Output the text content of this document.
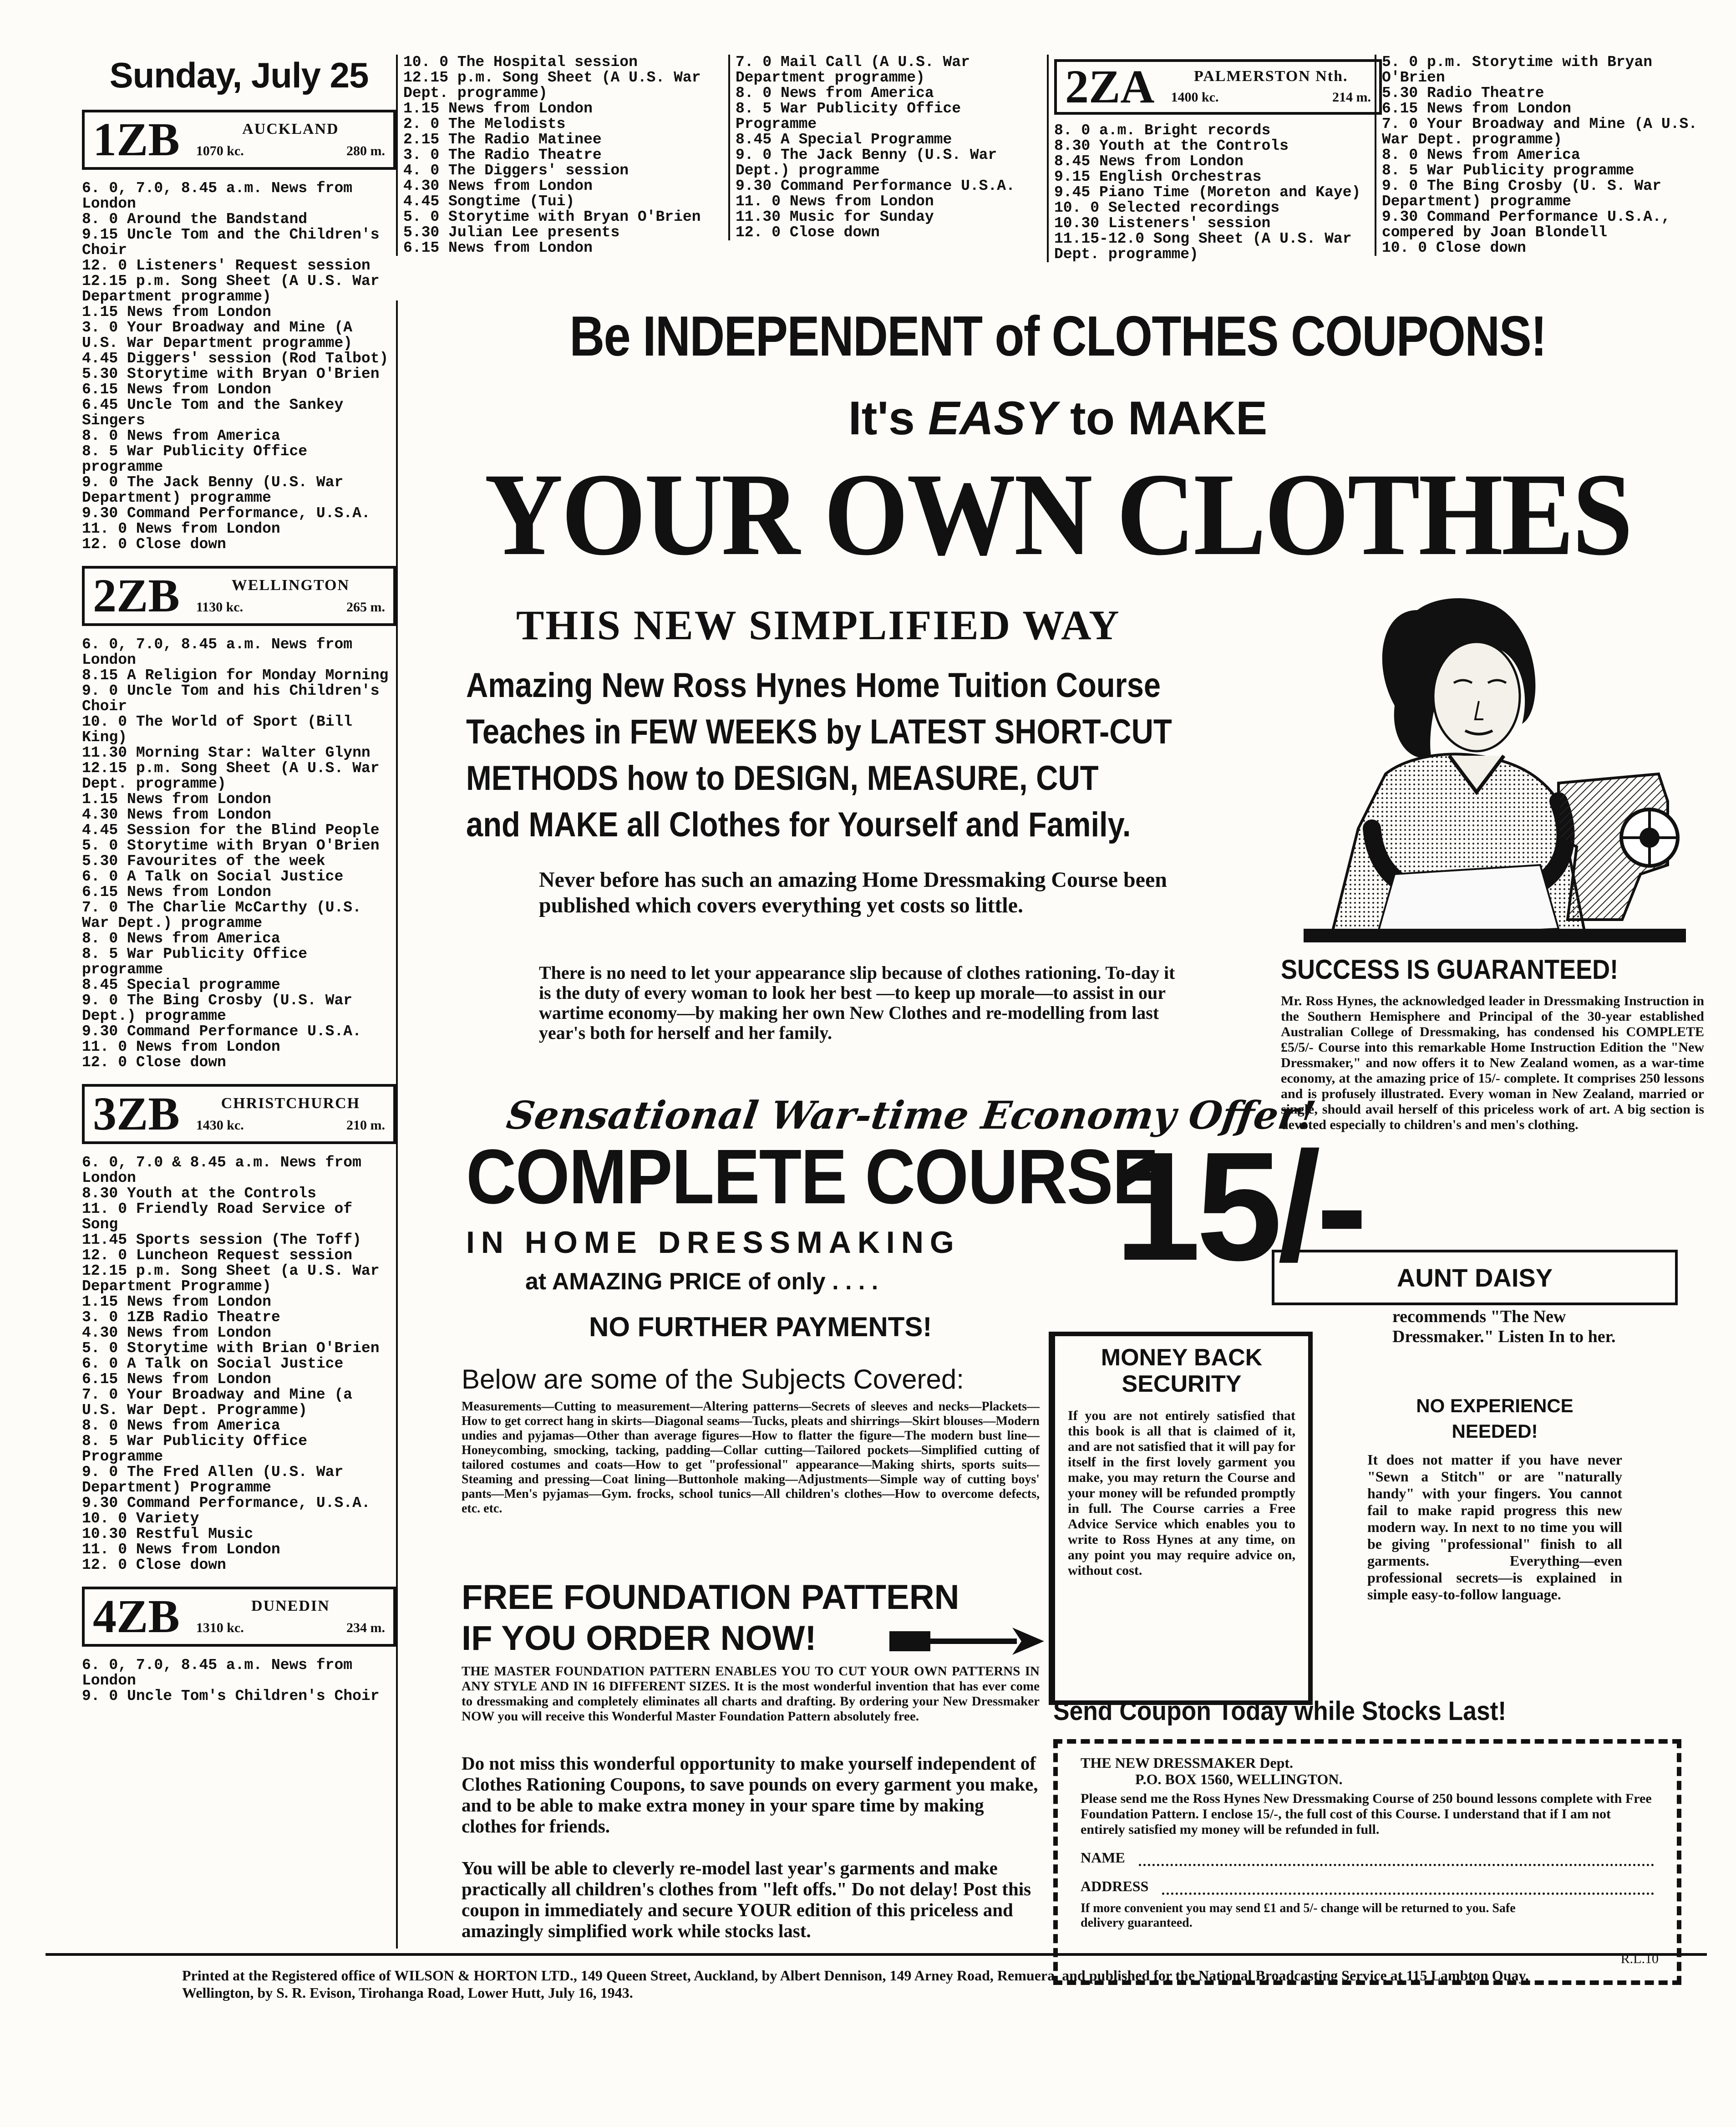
Sunday, July 25
1ZB	AUCKLAND
1070 kc.	280 m.
6. 0, 7.0, 8.45 a.m. News from London
8. 0 Around the Bandstand
9.15 Uncle Tom and the Children's Choir
12. 0 Listeners' Request session
12.15 p.m. Song Sheet (A U.S. War Department programme)
1.15 News from London
3. 0 Your Broadway and Mine (A U.S. War Department programme)
4.45 Diggers' session (Rod Talbot)
5.30 Storytime with Bryan O'Brien
6.15 News from London
6.45 Uncle Tom and the Sankey Singers
8. 0 News from America
8. 5 War Publicity Office programme
9. 0 The Jack Benny (U.S. War Department) programme
9.30 Command Performance, U.S.A.
11. 0 News from London
12. 0 Close down
2ZB	WELLINGTON
1130 kc.	265 m.
6. 0, 7.0, 8.45 a.m. News from London
8.15 A Religion for Monday Morning
9. 0 Uncle Tom and his Children's Choir
10. 0 The World of Sport (Bill King)
11.30 Morning Star: Walter Glynn
12.15 p.m. Song Sheet (A U.S. War Dept. programme)
1.15 News from London
4.30 News from London
4.45 Session for the Blind People
5. 0 Storytime with Bryan O'Brien
5.30 Favourites of the week
6. 0 A Talk on Social Justice
6.15 News from London
7. 0 The Charlie McCarthy (U.S. War Dept.) programme
8. 0 News from America
8. 5 War Publicity Office programme
8.45 Special programme
9. 0 The Bing Crosby (U.S. War Dept.) programme
9.30 Command Performance U.S.A.
11. 0 News from London
12. 0 Close down
3ZB	CHRISTCHURCH
1430 kc.	210 m.
6. 0, 7.0 & 8.45 a.m. News from London
8.30 Youth at the Controls
11. 0 Friendly Road Service of Song
11.45 Sports session (The Toff)
12. 0 Luncheon Request session
12.15 p.m. Song Sheet (a U.S. War Department Programme)
1.15 News from London
3. 0 1ZB Radio Theatre
4.30 News from London
5. 0 Storytime with Brian O'Brien
6. 0 A Talk on Social Justice
6.15 News from London
7. 0 Your Broadway and Mine (a U.S. War Dept. Programme)
8. 0 News from America
8. 5 War Publicity Office Programme
9. 0 The Fred Allen (U.S. War Department) Programme
9.30 Command Performance, U.S.A.
10. 0 Variety
10.30 Restful Music
11. 0 News from London
12. 0 Close down
4ZB	DUNEDIN
1310 kc.	234 m.
6. 0, 7.0, 8.45 a.m. News from London
9. 0 Uncle Tom's Children's Choir
10. 0 The Hospital session
12.15 p.m. Song Sheet (A U.S. War Dept. programme)
1.15 News from London
2. 0 The Melodists
2.15 The Radio Matinee
3. 0 The Radio Theatre
4. 0 The Diggers' session
4.30 News from London
4.45 Songtime (Tui)
5. 0 Storytime with Bryan O'Brien
5.30 Julian Lee presents
6.15 News from London
7. 0 Mail Call (A U.S. War Department programme)
8. 0 News from America
8. 5 War Publicity Office Programme
8.45 A Special Programme
9. 0 The Jack Benny (U.S. War Dept.) programme
9.30 Command Performance U.S.A.
11. 0 News from London
11.30 Music for Sunday
12. 0 Close down
2ZA	PALMERSTON Nth.
1400 kc.	214 m.
8. 0 a.m. Bright records
8.30 Youth at the Controls
8.45 News from London
9.15 English Orchestras
9.45 Piano Time (Moreton and Kaye)
10. 0 Selected recordings
10.30 Listeners' session
11.15-12.0 Song Sheet (A U.S. War Dept. programme)
5. 0 p.m. Storytime with Bryan O'Brien
5.30 Radio Theatre
6.15 News from London
7. 0 Your Broadway and Mine (A U.S. War Dept. programme)
8. 0 News from America
8. 5 War Publicity programme
9. 0 The Bing Crosby (U. S. War Department) programme
9.30 Command Performance U.S.A., compered by Joan Blondell
10. 0 Close down
Be INDEPENDENT of CLOTHES COUPONS!
It's EASY to MAKE
YOUR OWN CLOTHES
THIS NEW SIMPLIFIED WAY
Amazing New Ross Hynes Home Tuition Course
Teaches in FEW WEEKS by LATEST SHORT-CUT
METHODS how to DESIGN, MEASURE, CUT
and MAKE all Clothes for Yourself and Family.
Never before has such an amazing Home Dressmaking Course been published which covers everything yet costs so little.
There is no need to let your appearance slip because of clothes rationing. To-day it is the duty of every woman to look her best —to keep up morale—to assist in our wartime economy—by making her own New Clothes and re-modelling from last year's both for herself and her family.
SUCCESS IS GUARANTEED!
Mr. Ross Hynes, the acknowledged leader in Dressmaking Instruction in the Southern Hemisphere and Principal of the 30-year established Australian College of Dressmaking, has condensed his COMPLETE £5/5/- Course into this remarkable Home Instruction Edition the "New Dressmaker," and now offers it to New Zealand women, as a war-time economy, at the amazing price of 15/- complete. It comprises 250 lessons and is profusely illustrated. Every woman in New Zealand, married or single, should avail herself of this priceless work of art. A big section is devoted especially to children's and men's clothing.
Sensational War-time Economy Offer!
COMPLETE COURSE
IN HOME DRESSMAKING
at AMAZING PRICE of only . . . . 15/- AUNT DAISY
recommends "The New Dressmaker." Listen In to her.
NO FURTHER PAYMENTS!
Below are some of the Subjects Covered:
Measurements—Cutting to measurement—Altering patterns—Secrets of sleeves and necks—Plackets—How to get correct hang in skirts—Diagonal seams—Tucks, pleats and shirrings—Skirt blouses—Modern undies and pyjamas—Other than average figures—How to flatter the figure—The modern bust line—Honeycombing, smocking, tacking, padding—Collar cutting—Tailored pockets—Simplified cutting of tailored costumes and coats—How to get "professional" appearance—Making shirts, sports suits—Steaming and pressing—Coat lining—Buttonhole making—Adjustments—Simple way of cutting boys' pants—Men's pyjamas—Gym. frocks, school tunics—All children's clothes—How to overcome defects, etc. etc.
MONEY BACK SECURITY
If you are not entirely satisfied that this book is all that is claimed of it, and are not satisfied that it will pay for itself in the first lovely garment you make, you may return the Course and your money will be refunded promptly in full. The Course carries a Free Advice Service which enables you to write to Ross Hynes at any time, on any point you may require advice on, without cost.
NO EXPERIENCE NEEDED!
It does not matter if you have never "Sewn a Stitch" or are "naturally handy" with your fingers. You cannot fail to make rapid progress this new modern way. In next to no time you will be giving "professional" finish to all garments. Everything—even professional secrets—is explained in simple easy-to-follow language.
FREE FOUNDATION PATTERN
IF YOU ORDER NOW!
THE MASTER FOUNDATION PATTERN ENABLES YOU TO CUT YOUR OWN PATTERNS IN ANY STYLE AND IN 16 DIFFERENT SIZES. It is the most wonderful invention that has ever come to dressmaking and completely eliminates all charts and drafting. By ordering your New Dressmaker NOW you will receive this Wonderful Master Foundation Pattern absolutely free.
Do not miss this wonderful opportunity to make yourself independent of Clothes Rationing Coupons, to save pounds on every garment you make, and to be able to make extra money in your spare time by making clothes for friends.
You will be able to cleverly re-model last year's garments and make practically all children's clothes from "left offs." Do not delay! Post this coupon in immediately and secure YOUR edition of this priceless and amazingly simplified work while stocks last.
Send Coupon Today while Stocks Last!
THE NEW DRESSMAKER Dept.
P.O. BOX 1560, WELLINGTON.
Please send me the Ross Hynes New Dressmaking Course of 250 bound lessons complete with Free Foundation Pattern. I enclose 15/-, the full cost of this Course. I understand that if I am not entirely satisfied my money will be refunded in full.
NAME
ADDRESS
If more convenient you may send £1 and 5/- change will be returned to you. Safe delivery guaranteed.
R.L.10
Printed at the Registered office of WILSON & HORTON LTD., 149 Queen Street, Auckland, by Albert Dennison, 149 Arney Road, Remuera, and published for the National Broadcasting Service at 115 Lambton Quay, Wellington, by S. R. Evison, Tirohanga Road, Lower Hutt, July 16, 1943.
